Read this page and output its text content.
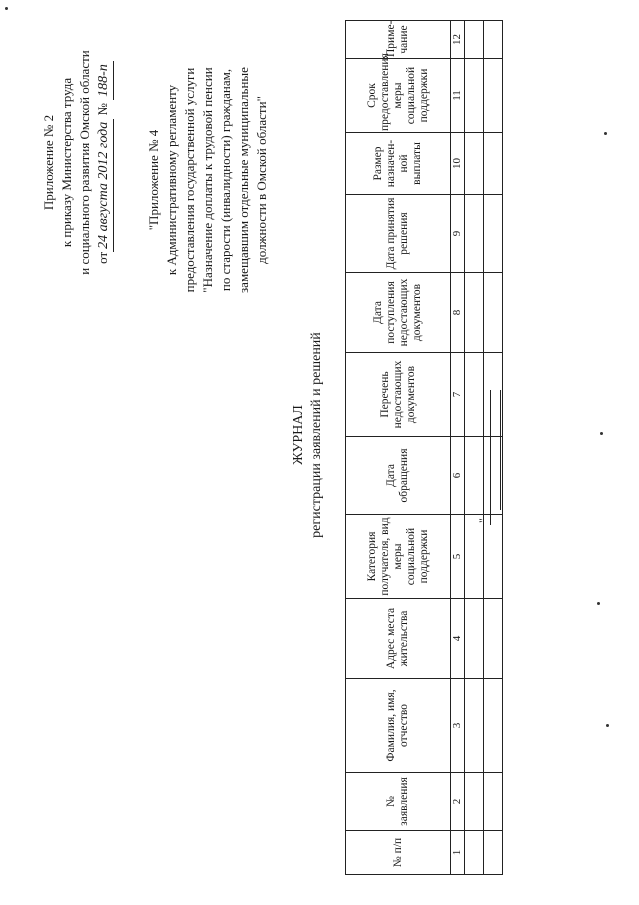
Приложение № 2 к приказу Министерства труда и социального развития Омской области от24 августа 2012 года № 188-п
"Приложение № 4 к Административному регламенту предоставления государственной услуги "Назначение доплаты к трудовой пенсии по старости (инвалидности) гражданам, замещавшим отдельные муниципальные должности в Омской области"
ЖУРНАЛ регистрации заявлений и решений
№ п/п	№ заявления	Фамилия, имя, отчество	Адрес места жительства	Категория получателя, вид меры социальной поддержки	Дата обращения	Перечень недостающих документов	Дата поступления недостающих документов	Дата принятия решения	Размер назначен-ной выплаты	Срок предоставления меры социальной поддержки	Приме-чание
1	2	3	4	5	6	7	8	9	10	11	12

"
